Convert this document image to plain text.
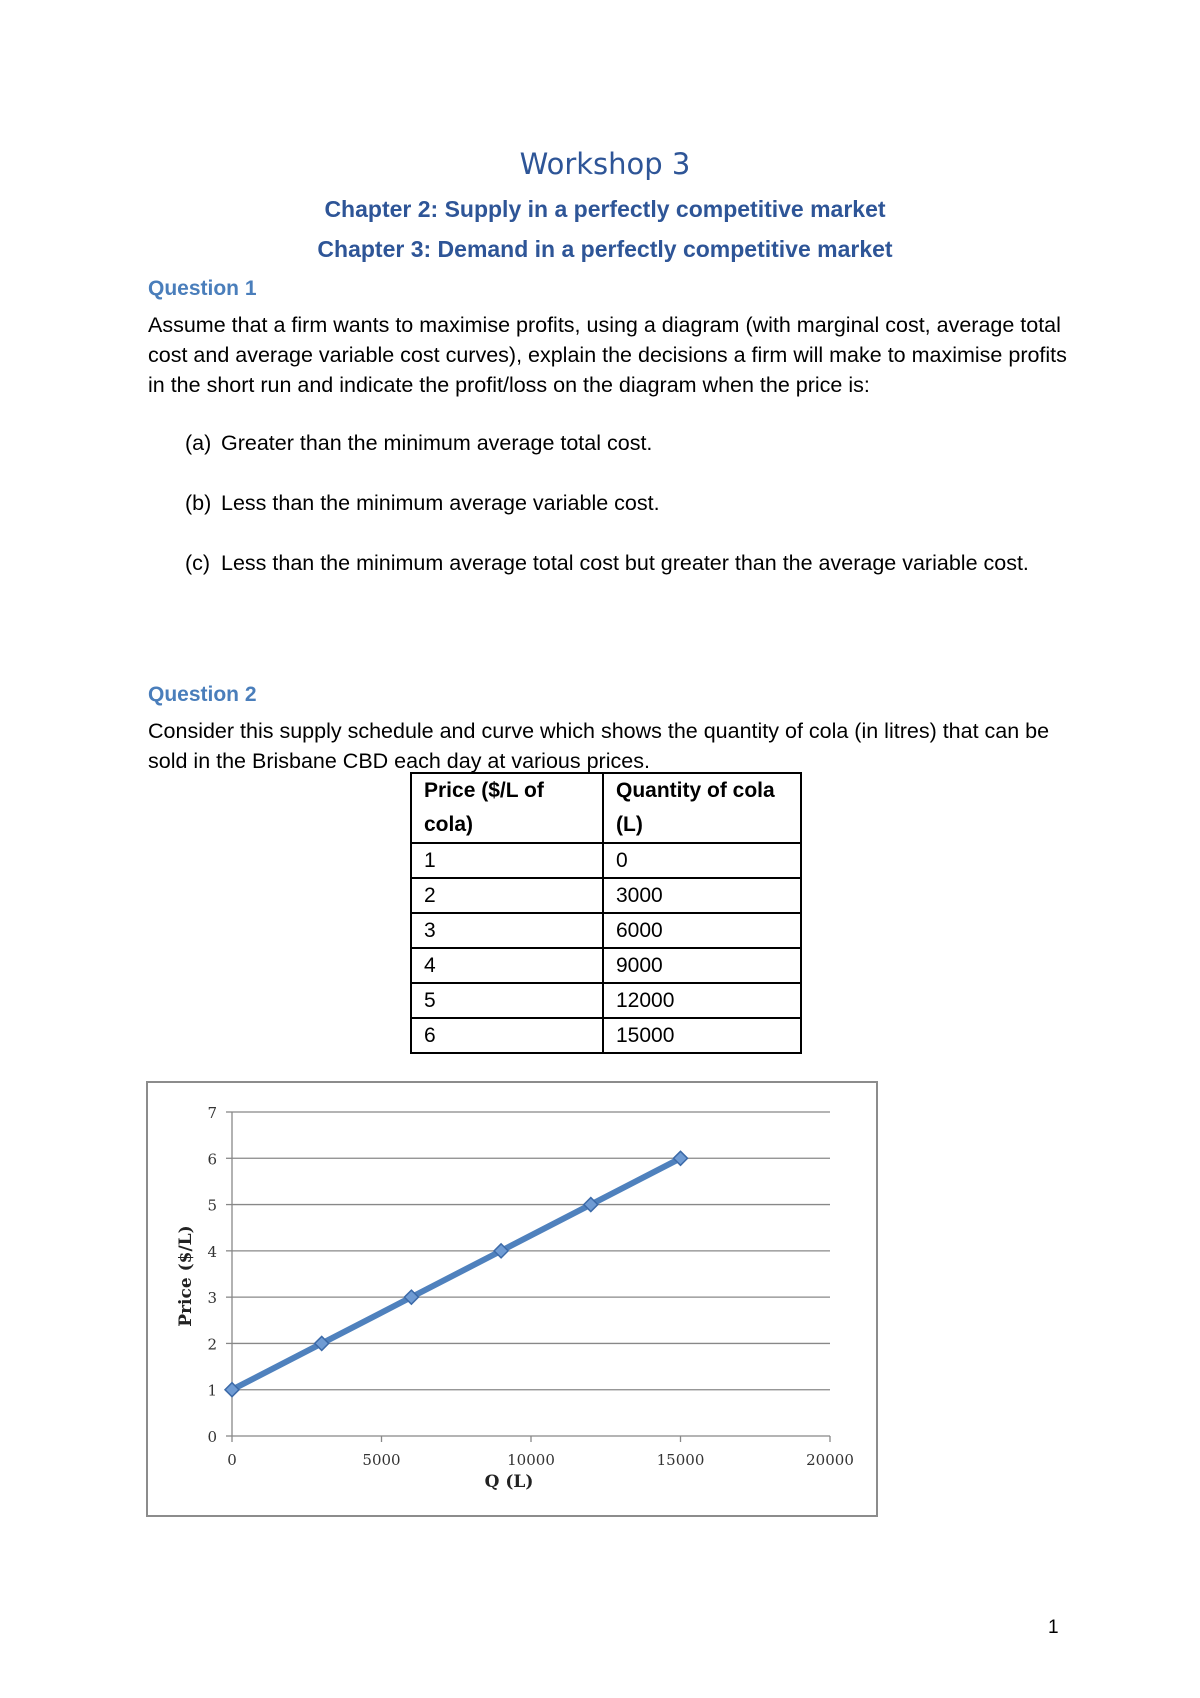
Workshop 3
Chapter 2: Supply in a perfectly competitive market
Chapter 3: Demand in a perfectly competitive market
Question 1

Assume that a firm wants to maximise profits, using a diagram (with marginal cost, average total cost and average variable cost curves), explain the decisions a firm will make to maximise profits in the short run and indicate the profit/loss on the diagram when the price is:

(a) Greater than the minimum average total cost.

(b) Less than the minimum average variable cost.

(c) Less than the minimum average total cost but greater than the average variable cost.

Question 2

Consider this supply schedule and curve which shows the quantity of cola (in litres) that can be sold in the Brisbane CBD each day at various prices.

Price ($/L of cola)	Quantity of cola (L)
1	0
2	3000
3	6000
4	9000
5	12000
6	15000
0
1
2
3
4
5
6
7
0	5000	10000	15000	20000
Q (L)
Price ($/L)

1
